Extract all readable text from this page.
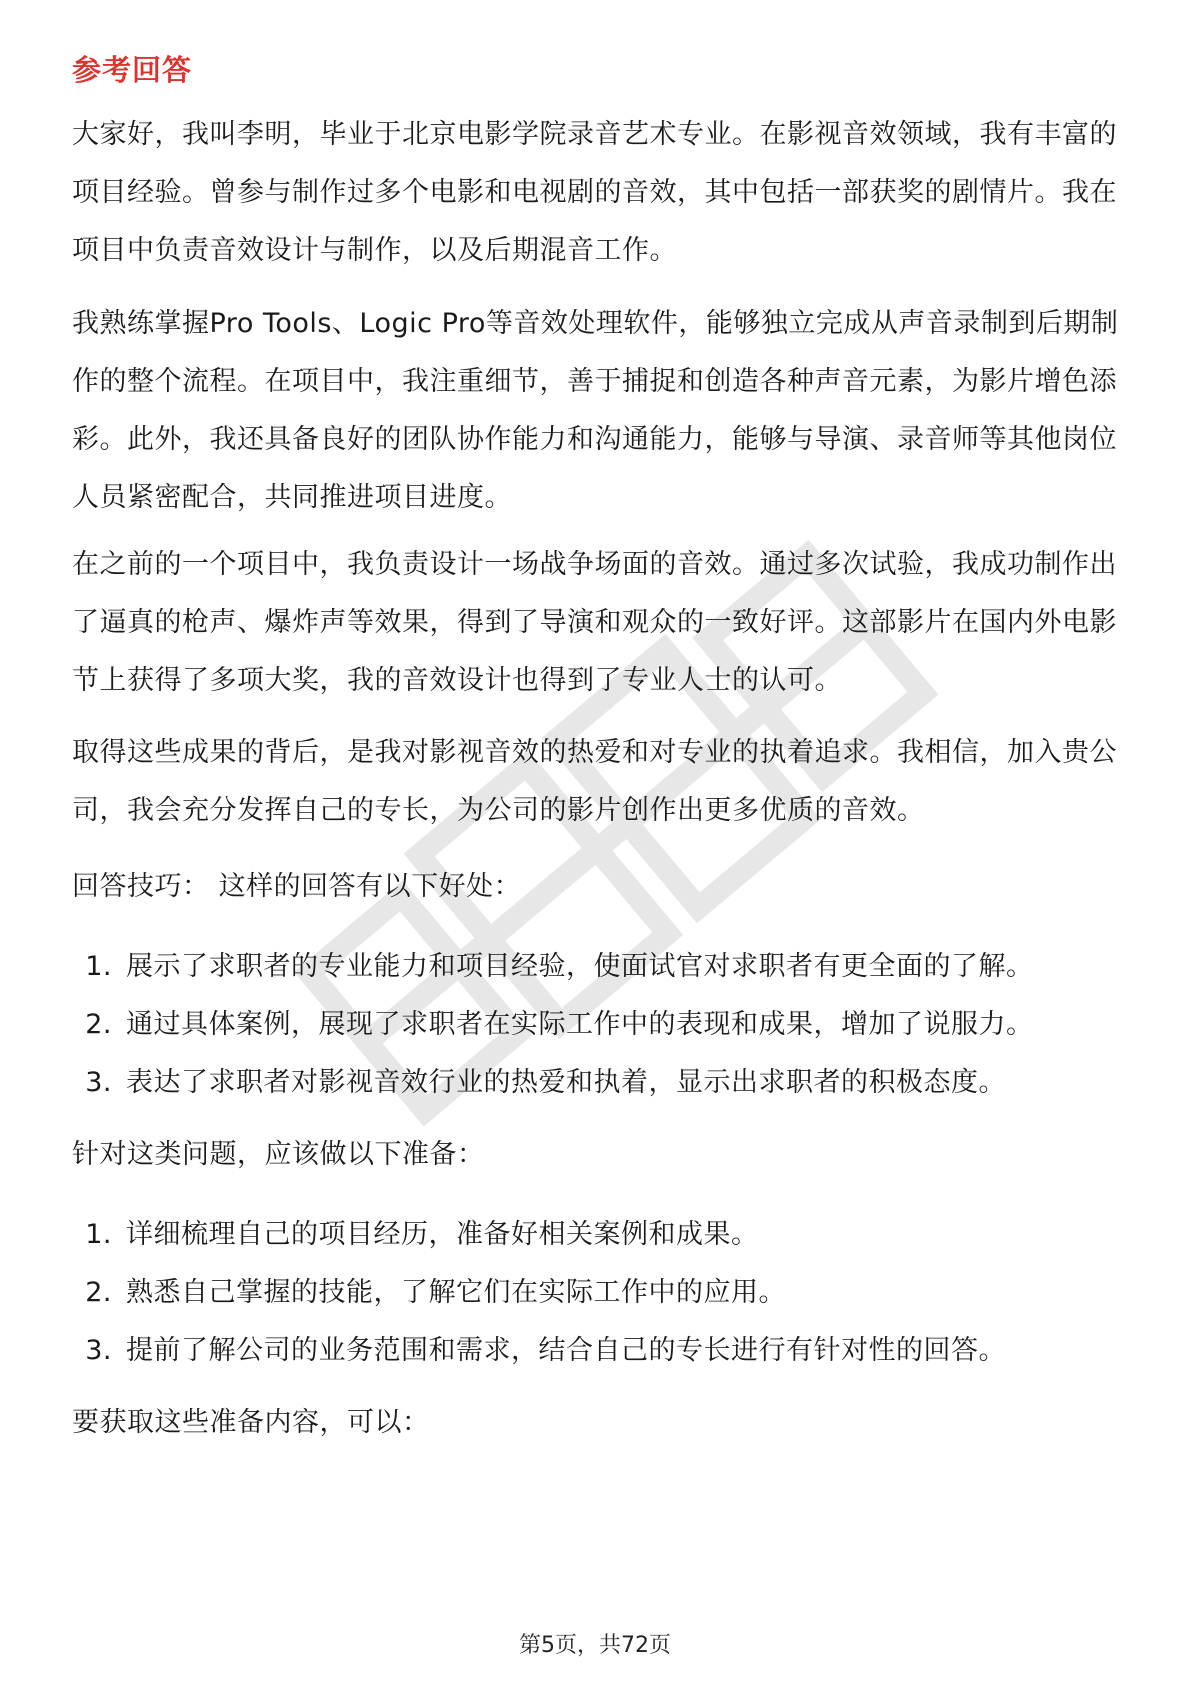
参考回答

大家好，我叫李明，毕业于北京电影学院录音艺术专业。在影视音效领域，我有丰富的项目经验。曾参与制作过多个电影和电视剧的音效，其中包括一部获奖的剧情片。我在项目中负责音效设计与制作，以及后期混音工作。

我熟练掌握Pro Tools、Logic Pro等音效处理软件，能够独立完成从声音录制到后期制作的整个流程。在项目中，我注重细节，善于捕捉和创造各种声音元素，为影片增色添彩。此外，我还具备良好的团队协作能力和沟通能力，能够与导演、录音师等其他岗位人员紧密配合，共同推进项目进度。

在之前的一个项目中，我负责设计一场战争场面的音效。通过多次试验，我成功制作出了逼真的枪声、爆炸声等效果，得到了导演和观众的一致好评。这部影片在国内外电影节上获得了多项大奖，我的音效设计也得到了专业人士的认可。

取得这些成果的背后，是我对影视音效的热爱和对专业的执着追求。我相信，加入贵公司，我会充分发挥自己的专长，为公司的影片创作出更多优质的音效。

回答技巧： 这样的回答有以下好处：

1. 展示了求职者的专业能力和项目经验，使面试官对求职者有更全面的了解。
2. 通过具体案例，展现了求职者在实际工作中的表现和成果，增加了说服力。
3. 表达了求职者对影视音效行业的热爱和执着，显示出求职者的积极态度。

针对这类问题，应该做以下准备：

1. 详细梳理自己的项目经历，准备好相关案例和成果。
2. 熟悉自己掌握的技能，了解它们在实际工作中的应用。
3. 提前了解公司的业务范围和需求，结合自己的专长进行有针对性的回答。

要获取这些准备内容，可以：

第5页，共72页
